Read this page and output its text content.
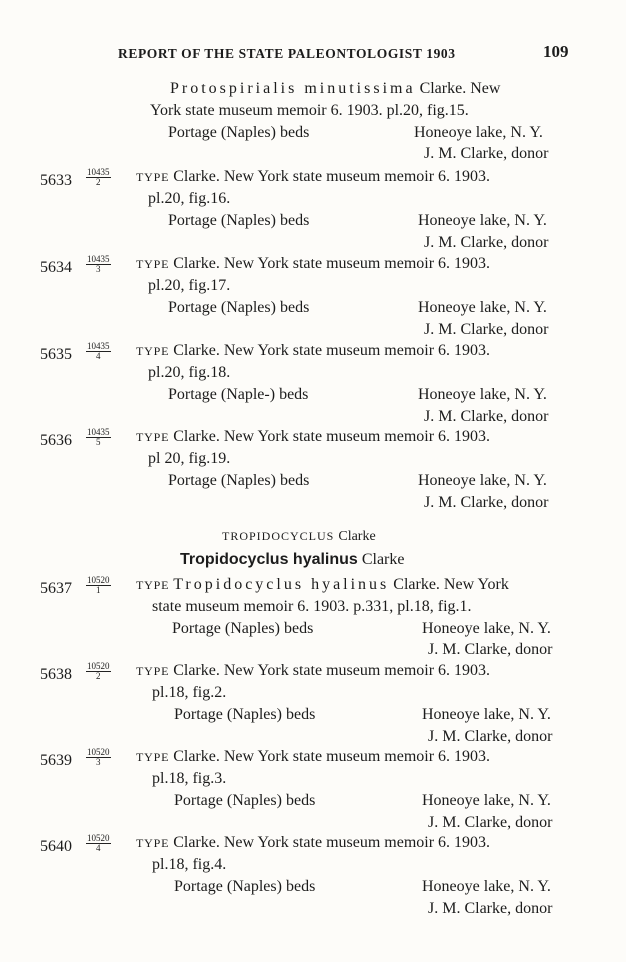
REPORT OF THE STATE PALEONTOLOGIST 1903	109
Protospirialis minutissima Clarke. New
York state museum memoir 6. 1903. pl.20, fig.15.
Portage (Naples) beds	Honeoye lake, N. Y.
J. M. Clarke, donor
$5633 \frac{10435}{2}$ TYPE Clarke. New York state museum memoir 6. 1903.
pl.20, fig.16.
Portage (Naples) beds	Honeoye lake, N. Y.
J. M. Clarke, donor
$5634 \frac{10435}{3}$ TYPE Clarke. New York state museum memoir 6. 1903.
pl.20, fig.17.
Portage (Naples) beds	Honeoye lake, N. Y.
J. M. Clarke, donor
$5635 \frac{10435}{4}$ TYPE Clarke. New York state museum memoir 6. 1903.
pl.20, fig.18.
Portage (Naple-) beds	Honeoye lake, N. Y.
J. M. Clarke, donor
$5636 \frac{10435}{5}$ TYPE Clarke. New York state museum memoir 6. 1903.
pl 20, fig.19.
Portage (Naples) beds	Honeoye lake, N. Y.
J. M. Clarke, donor
TROPIDOCYCLUS Clarke
Tropidocyclus hyalinus Clarke
$5637 \frac{10520}{1}$ TYPE Tropidocyclus hyalinus Clarke. New York
state museum memoir 6. 1903. p.331, pl.18, fig.1.
Portage (Naples) beds	Honeoye lake, N. Y.
J. M. Clarke, donor
$5638 \frac{10520}{2}$ TYPE Clarke. New York state museum memoir 6. 1903.
pl.18, fig.2.
Portage (Naples) beds	Honeoye lake, N. Y.
J. M. Clarke, donor
$5639 \frac{10520}{3}$ TYPE Clarke. New York state museum memoir 6. 1903.
pl.18, fig.3.
Portage (Naples) beds	Honeoye lake, N. Y.
J. M. Clarke, donor
$5640 \frac{10520}{4}$ TYPE Clarke. New York state museum memoir 6. 1903.
pl.18, fig.4.
Portage (Naples) beds	Honeoye lake, N. Y.
J. M. Clarke, donor
